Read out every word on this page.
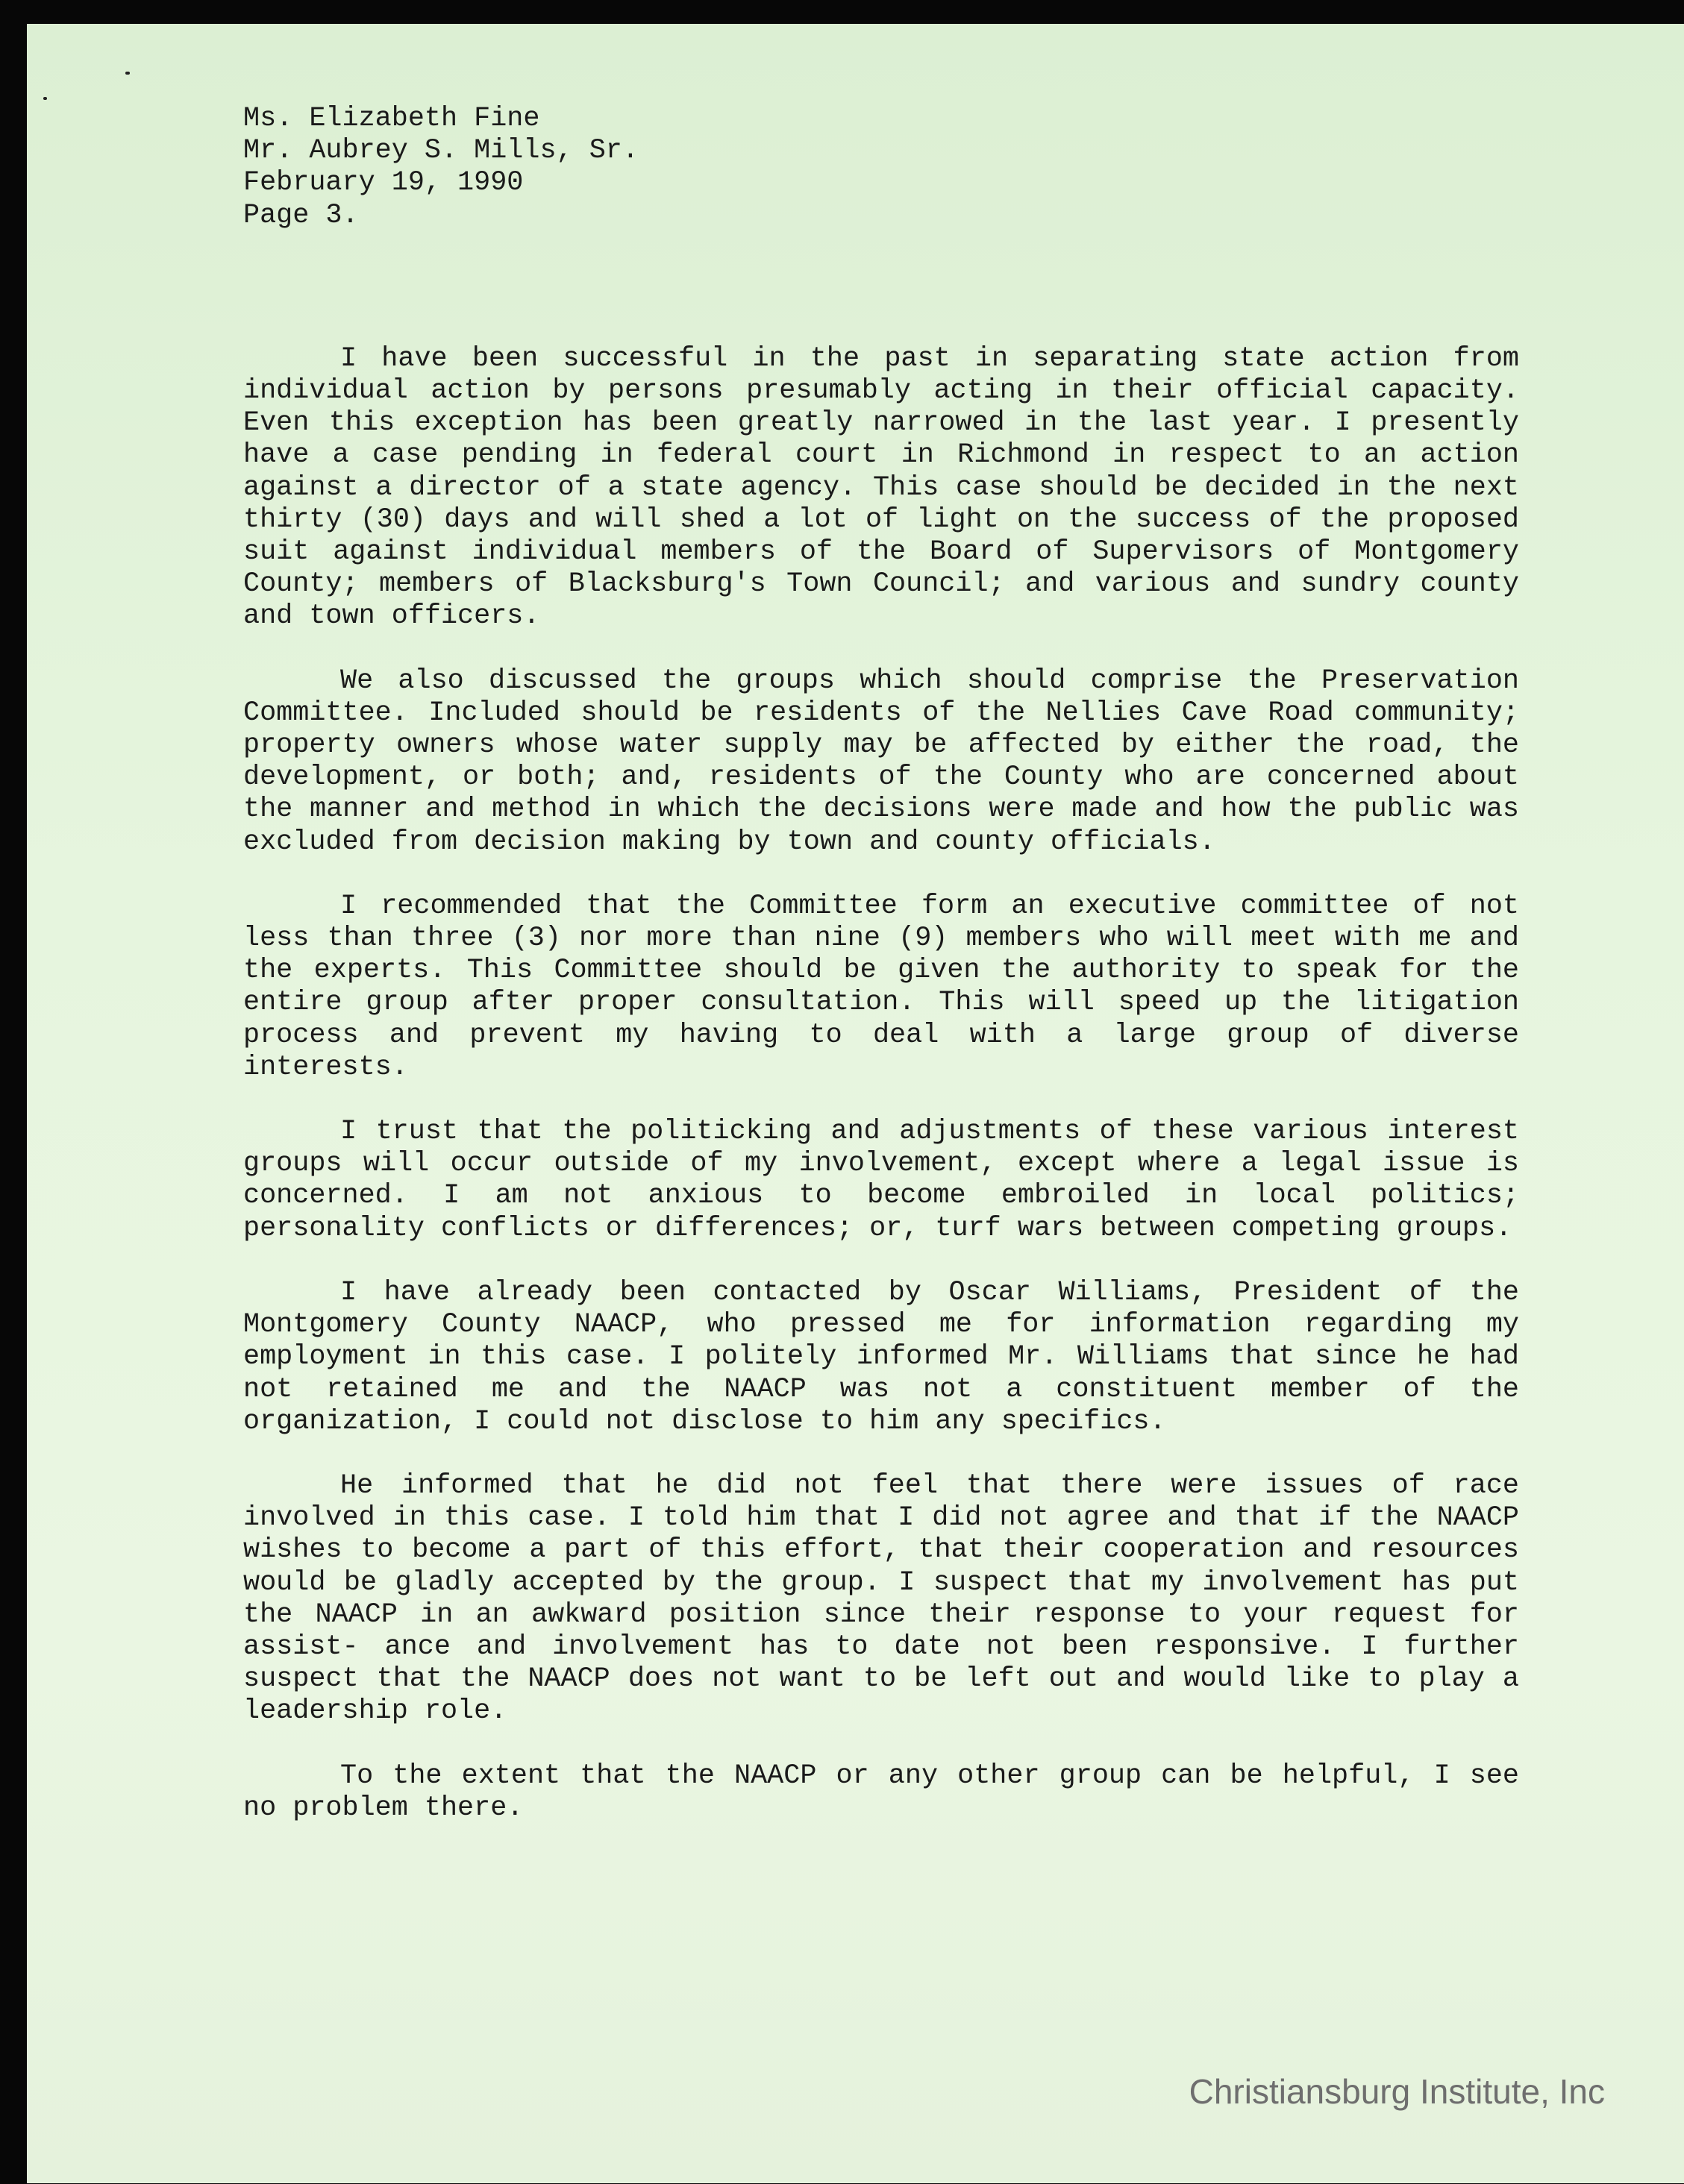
Ms. Elizabeth Fine
Mr. Aubrey S. Mills, Sr.
February 19, 1990
Page 3.

I have been successful in the past in separating state action from individual action by persons presumably acting in their official capacity. Even this exception has been greatly narrowed in the last year. I presently have a case pending in federal court in Richmond in respect to an action against a director of a state agency. This case should be decided in the next thirty (30) days and will shed a lot of light on the success of the proposed suit against individual members of the Board of Supervisors of Montgomery County; members of Blacksburg's Town Council; and various and sundry county and town officers.

We also discussed the groups which should comprise the Preservation Committee. Included should be residents of the Nellies Cave Road community; property owners whose water supply may be affected by either the road, the development, or both; and, residents of the County who are concerned about the manner and method in which the decisions were made and how the public was excluded from decision making by town and county officials.

I recommended that the Committee form an executive committee of not less than three (3) nor more than nine (9) members who will meet with me and the experts. This Committee should be given the authority to speak for the entire group after proper consultation. This will speed up the litigation process and prevent my having to deal with a large group of diverse interests.

I trust that the politicking and adjustments of these various interest groups will occur outside of my involvement, except where a legal issue is concerned. I am not anxious to become embroiled in local politics; personality conflicts or differences; or, turf wars between competing groups.

I have already been contacted by Oscar Williams, President of the Montgomery County NAACP, who pressed me for information regarding my employment in this case. I politely informed Mr. Williams that since he had not retained me and the NAACP was not a constituent member of the organization, I could not disclose to him any specifics.

He informed that he did not feel that there were issues of race involved in this case. I told him that I did not agree and that if the NAACP wishes to become a part of this effort, that their cooperation and resources would be gladly accepted by the group. I suspect that my involvement has put the NAACP in an awkward position since their response to your request for assist- ance and involvement has to date not been responsive. I further suspect that the NAACP does not want to be left out and would like to play a leadership role.

To the extent that the NAACP or any other group can be helpful, I see no problem there.

Christiansburg Institute, Inc
